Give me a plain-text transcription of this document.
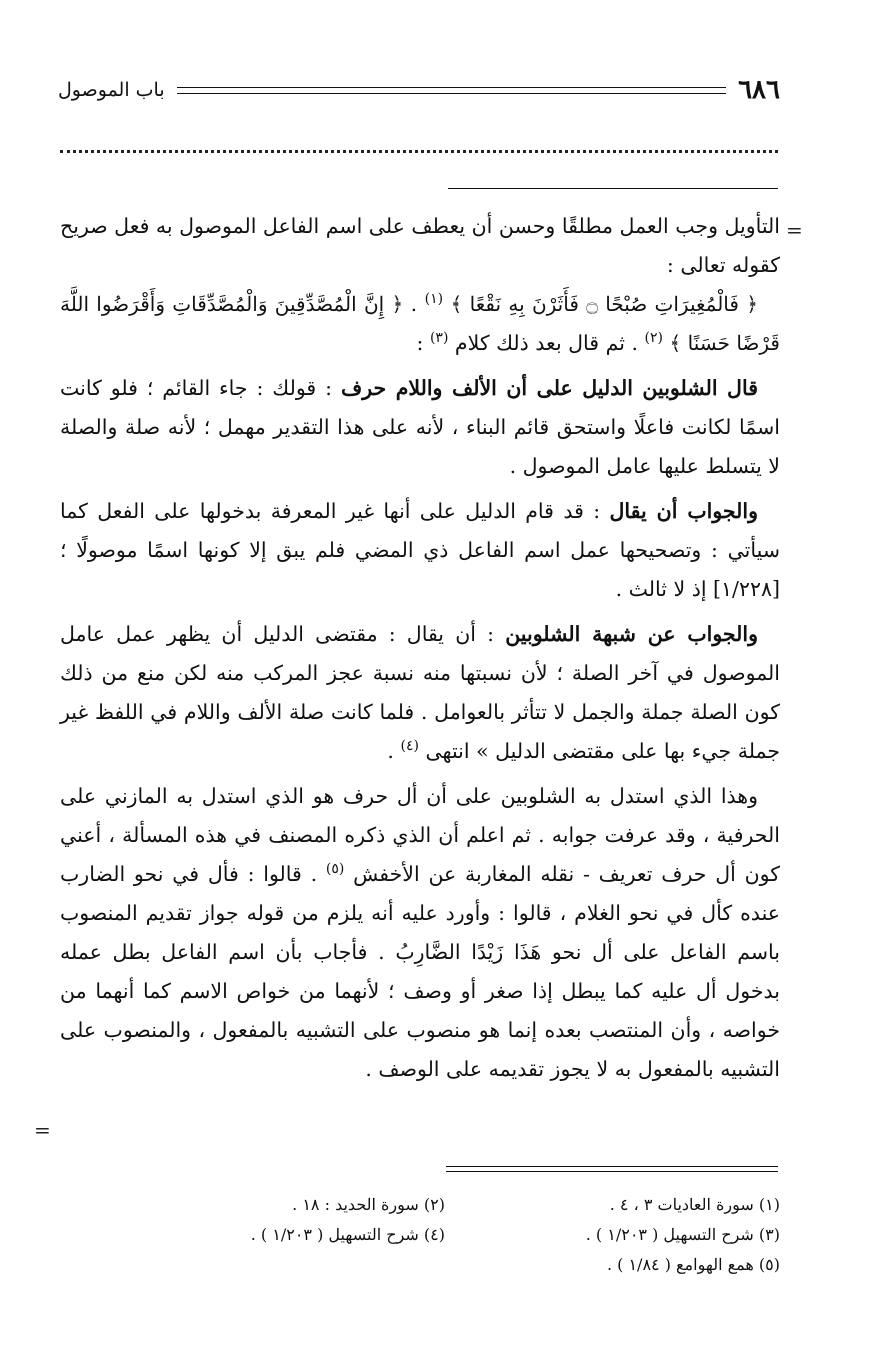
٦٨٦
باب الموصول
=

التأويل وجب العمل مطلقًا وحسن أن يعطف على اسم الفاعل الموصول به فعل صريح كقوله تعالى :

﴿ فَالْمُغِيرَاتِ صُبْحًا ۝ فَأَثَرْنَ بِهِ نَقْعًا ﴾ $^{(١)}$ . ﴿ إِنَّ الْمُصَّدِّقِينَ وَالْمُصَّدِّقَاتِ وَأَقْرَضُوا اللَّهَ قَرْضًا حَسَنًا ﴾ $^{(٢)}$ . ثم قال بعد ذلك كلام $^{(٣)}$ :

قال الشلوبين الدليل على أن الألف واللام حرف : قولك : جاء القائم ؛ فلو كانت اسمًا لكانت فاعلًا واستحق قائم البناء ، لأنه على هذا التقدير مهمل ؛ لأنه صلة والصلة لا يتسلط عليها عامل الموصول .

والجواب أن يقال : قد قام الدليل على أنها غير المعرفة بدخولها على الفعل كما سيأتي : وتصحيحها عمل اسم الفاعل ذي المضي فلم يبق إلا كونها اسمًا موصولًا ؛ [١/٢٢٨] إذ لا ثالث .

والجواب عن شبهة الشلوبين : أن يقال : مقتضى الدليل أن يظهر عمل عامل الموصول في آخر الصلة ؛ لأن نسبتها منه نسبة عجز المركب منه لكن منع من ذلك كون الصلة جملة والجمل لا تتأثر بالعوامل . فلما كانت صلة الألف واللام في اللفظ غير جملة جيء بها على مقتضى الدليل » انتهى $^{(٤)}$ .

وهذا الذي استدل به الشلوبين على أن أل حرف هو الذي استدل به المازني على الحرفية ، وقد عرفت جوابه . ثم اعلم أن الذي ذكره المصنف في هذه المسألة ، أعني كون أل حرف تعريف - نقله المغاربة عن الأخفش $^{(٥)}$ . قالوا : فأل في نحو الضارب عنده كأل في نحو الغلام ، قالوا : وأورد عليه أنه يلزم من قوله جواز تقديم المنصوب باسم الفاعل على أل نحو هَذَا زَيْدًا الضَّارِبُ . فأجاب بأن اسم الفاعل بطل عمله بدخول أل عليه كما يبطل إذا صغر أو وصف ؛ لأنهما من خواص الاسم كما أنهما من خواصه ، وأن المنتصب بعده إنما هو منصوب على التشبيه بالمفعول ، والمنصوب على التشبيه بالمفعول به لا يجوز تقديمه على الوصف .

=
(١) سورة العاديات ٣ ، ٤ .
(٢) سورة الحديد : ١٨ .
(٣) شرح التسهيل ( ١/٢٠٣ ) .
(٤) شرح التسهيل ( ١/٢٠٣ ) .
(٥) همع الهوامع ( ١/٨٤ ) .
